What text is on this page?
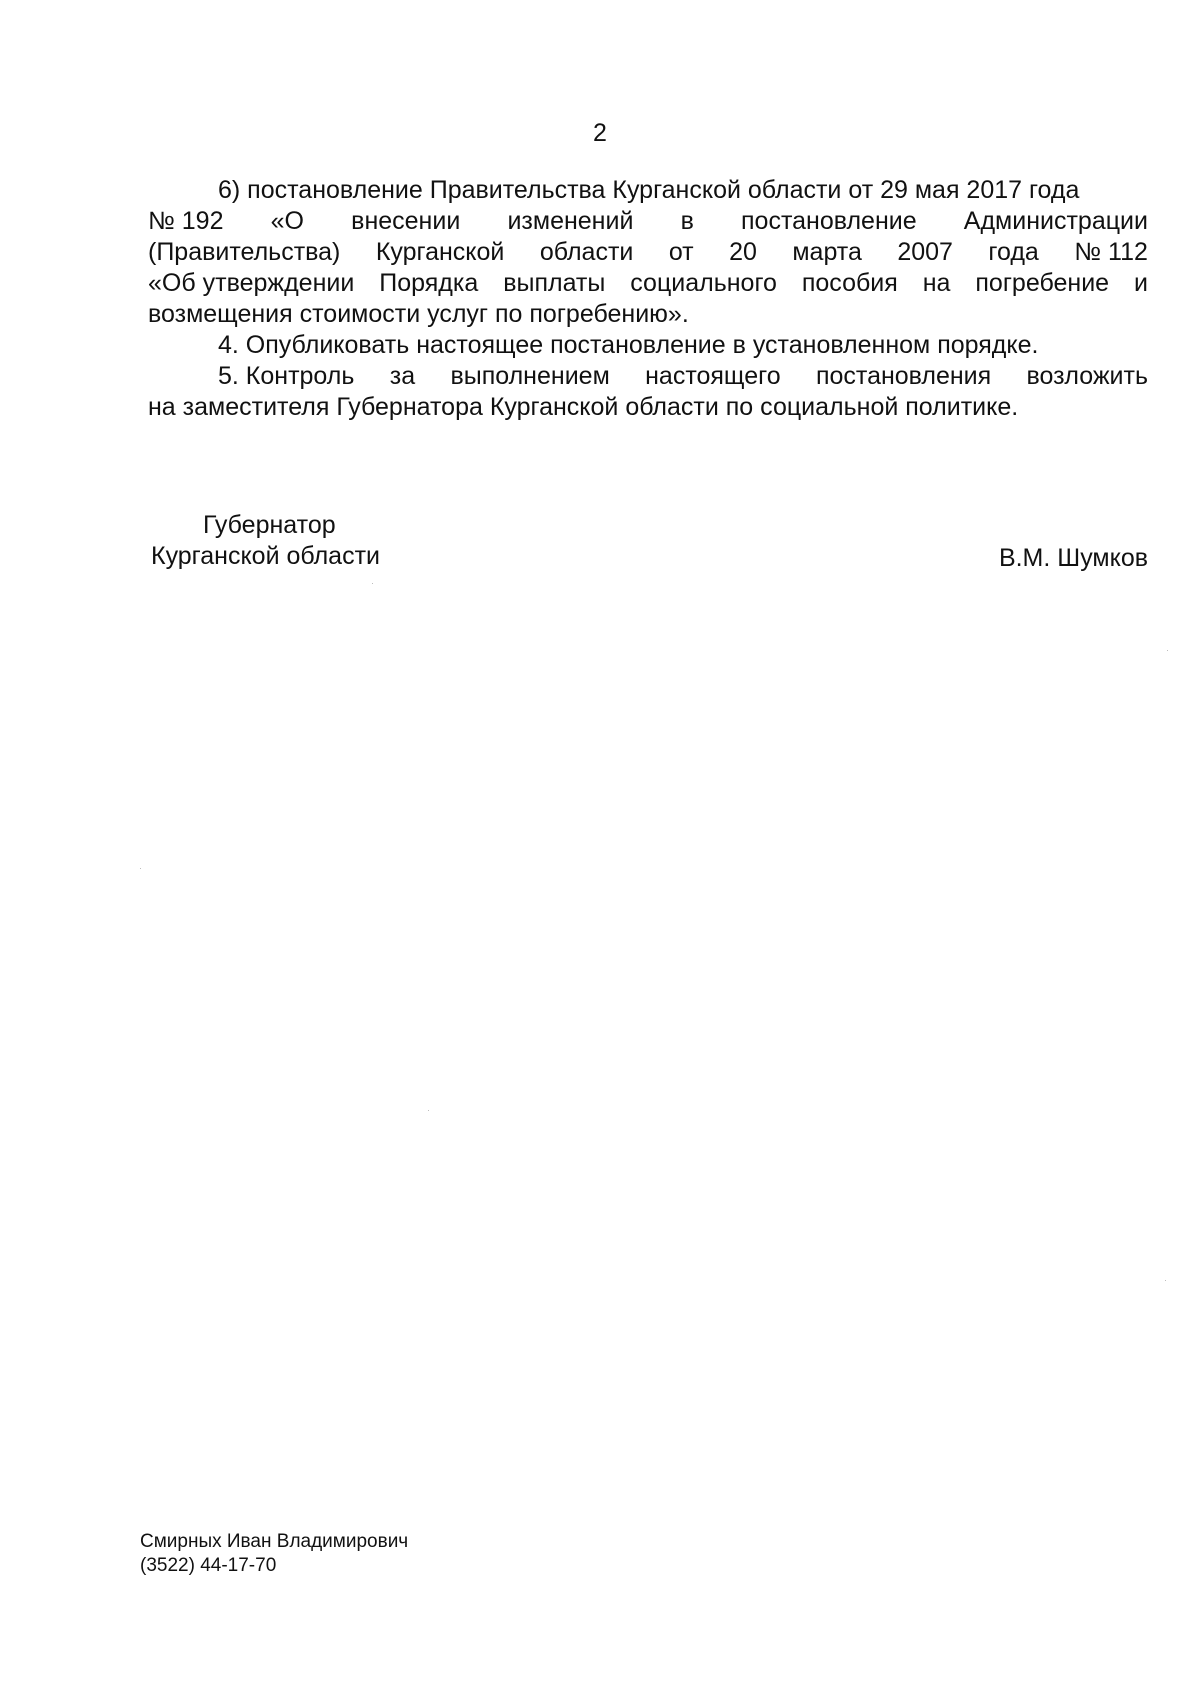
2
6) постановление Правительства Курганской области от 29 мая 2017 года
№ 192 «О внесении изменений в постановление Администрации
(Правительства) Курганской области от 20 марта 2007 года № 112
«Об утверждении Порядка выплаты социального пособия на погребение и
возмещения стоимости услуг по погребению».
4. Опубликовать настоящее постановление в установленном порядке.
5. Контроль за выполнением настоящего постановления возложить
на заместителя Губернатора Курганской области по социальной политике.
Губернатор
Курганской области	В.М. Шумков
Смирных Иван Владимирович
(3522) 44-17-70
